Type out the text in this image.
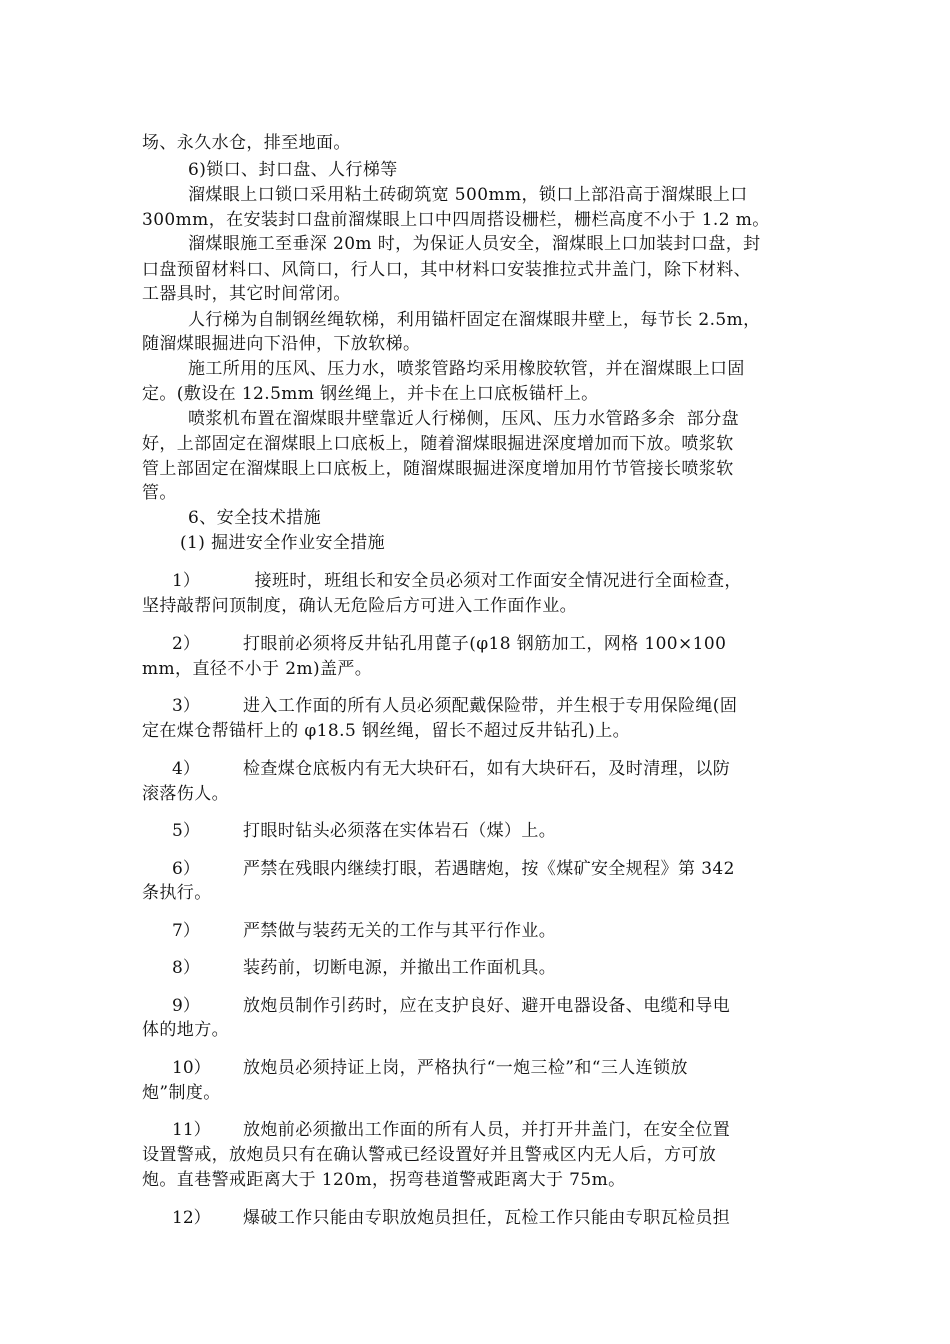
场、永久水仓，排至地面。
6)锁口、封口盘、人行梯等
溜煤眼上口锁口采用粘土砖砌筑宽 500mm，锁口上部沿高于溜煤眼上口
300mm，在安装封口盘前溜煤眼上口中四周搭设栅栏，栅栏高度不小于 1.2 m。
溜煤眼施工至垂深 20m 时，为保证人员安全，溜煤眼上口加装封口盘，封
口盘预留材料口、风筒口，行人口，其中材料口安装推拉式井盖门，除下材料、
工器具时，其它时间常闭。
人行梯为自制钢丝绳软梯，利用锚杆固定在溜煤眼井壁上，每节长 2.5m，
随溜煤眼掘进向下沿伸，下放软梯。
施工所用的压风、压力水，喷浆管路均采用橡胶软管，并在溜煤眼上口固
定。(敷设在 12.5mm 钢丝绳上，并卡在上口底板锚杆上。
喷浆机布置在溜煤眼井壁靠近人行梯侧，压风、压力水管路多余  部分盘
好，上部固定在溜煤眼上口底板上，随着溜煤眼掘进深度增加而下放。喷浆软
管上部固定在溜煤眼上口底板上，随溜煤眼掘进深度增加用竹节管接长喷浆软
管。
6、安全技术措施
(1) 掘进安全作业安全措施
1）	接班时，班组长和安全员必须对工作面安全情况进行全面检查，
坚持敲帮问顶制度，确认无危险后方可进入工作面作业。
2）	打眼前必须将反井钻孔用蓖子(φ18 钢筋加工，网格 100×100
mm，直径不小于 2m)盖严。
3）	进入工作面的所有人员必须配戴保险带，并生根于专用保险绳(固
定在煤仓帮锚杆上的 φ18.5 钢丝绳，留长不超过反井钻孔)上。
4）	检查煤仓底板内有无大块矸石，如有大块矸石，及时清理，以防
滚落伤人。
5）	打眼时钻头必须落在实体岩石（煤）上。
6）	严禁在残眼内继续打眼，若遇瞎炮，按《煤矿安全规程》第 342
条执行。
7）	严禁做与装药无关的工作与其平行作业。
8）	装药前，切断电源，并撤出工作面机具。
9）	放炮员制作引药时，应在支护良好、避开电器设备、电缆和导电
体的地方。
10） 放炮员必须持证上岗，严格执行“一炮三检”和“三人连锁放
炮”制度。
11） 放炮前必须撤出工作面的所有人员，并打开井盖门，在安全位置
设置警戒，放炮员只有在确认警戒已经设置好并且警戒区内无人后，方可放
炮。直巷警戒距离大于 120m，拐弯巷道警戒距离大于 75m。
12） 爆破工作只能由专职放炮员担任，瓦检工作只能由专职瓦检员担
